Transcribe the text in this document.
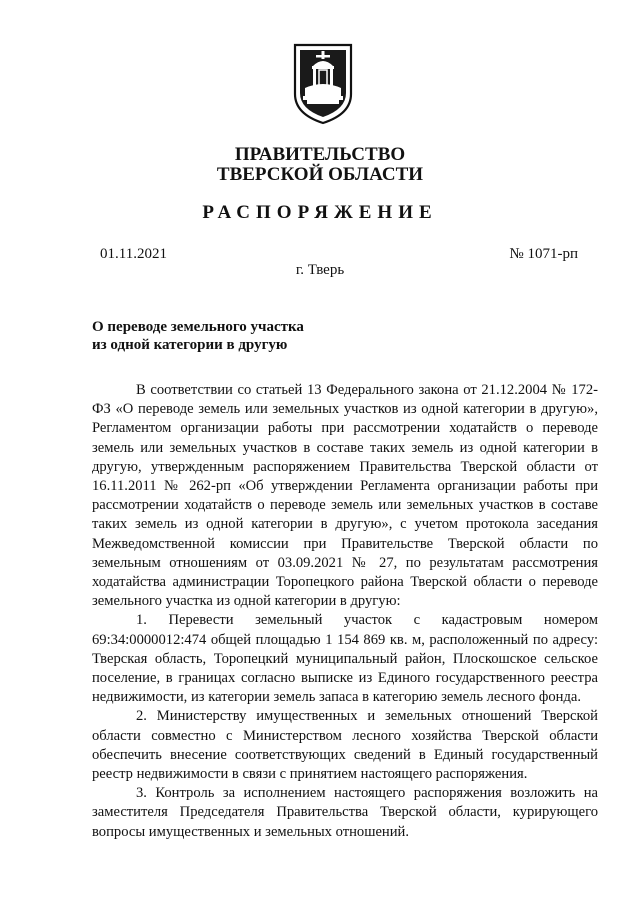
ПРАВИТЕЛЬСТВО
ТВЕРСКОЙ ОБЛАСТИ
РАСПОРЯЖЕНИЕ
01.11.2021	№ 1071-рп
г. Тверь
О переводе земельного участка
из одной категории в другую

В соответствии со статьей 13 Федерального закона от 21.12.2004 № 172-ФЗ «О переводе земель или земельных участков из одной категории в другую», Регламентом организации работы при рассмотрении ходатайств о переводе земель или земельных участков в составе таких земель из одной категории в другую, утвержденным распоряжением Правительства Тверской области от 16.11.2011 № 262-рп «Об утверждении Регламента организации работы при рассмотрении ходатайств о переводе земель или земельных участков в составе таких земель из одной категории в другую», с учетом протокола заседания Межведомственной комиссии при Правительстве Тверской области по земельным отношениям от 03.09.2021 № 27, по результатам рассмотрения ходатайства администрации Торопецкого района Тверской области о переводе земельного участка из одной категории в другую:

1. Перевести земельный участок с кадастровым номером 69:34:0000012:474 общей площадью 1 154 869 кв. м, расположенный по адресу: Тверская область, Торопецкий муниципальный район, Плоскошское сельское поселение, в границах согласно выписке из Единого государственного реестра недвижимости, из категории земель запаса в категорию земель лесного фонда.

2. Министерству имущественных и земельных отношений Тверской области совместно с Министерством лесного хозяйства Тверской области обеспечить внесение соответствующих сведений в Единый государственный реестр недвижимости в связи с принятием настоящего распоряжения.

3. Контроль за исполнением настоящего распоряжения возложить на заместителя Председателя Правительства Тверской области, курирующего вопросы имущественных и земельных отношений.
